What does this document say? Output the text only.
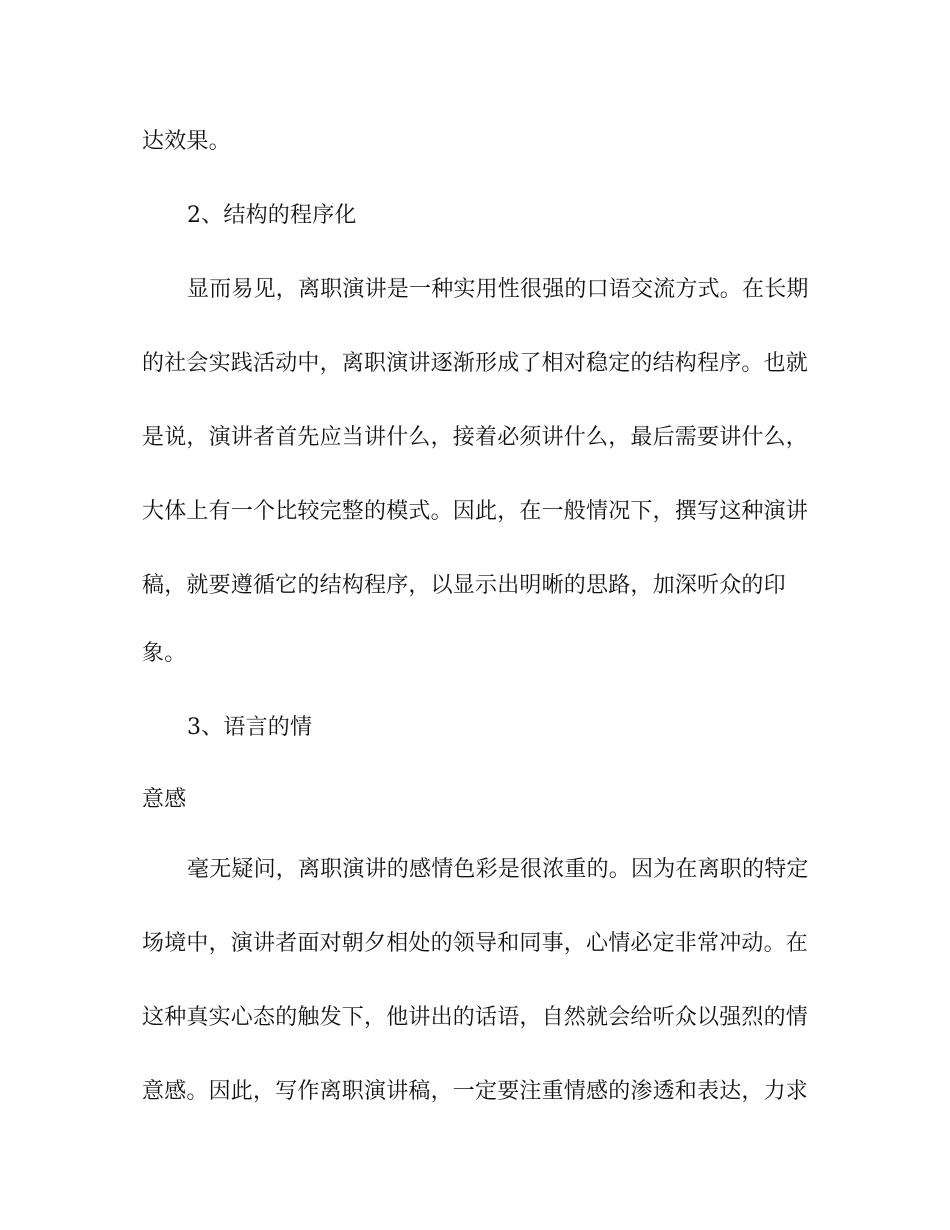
达效果。
2、结构的程序化
显而易见，离职演讲是一种实用性很强的口语交流方式。在长期
的社会实践活动中，离职演讲逐渐形成了相对稳定的结构程序。也就
是说，演讲者首先应当讲什么，接着必须讲什么，最后需要讲什么，
大体上有一个比较完整的模式。因此，在一般情况下，撰写这种演讲
稿，就要遵循它的结构程序，以显示出明晰的思路，加深听众的印
象。
3、语言的情
意感
毫无疑问，离职演讲的感情色彩是很浓重的。因为在离职的特定
场境中，演讲者面对朝夕相处的领导和同事，心情必定非常冲动。在
这种真实心态的触发下，他讲出的话语，自然就会给听众以强烈的情
意感。因此，写作离职演讲稿，一定要注重情感的渗透和表达，力求
